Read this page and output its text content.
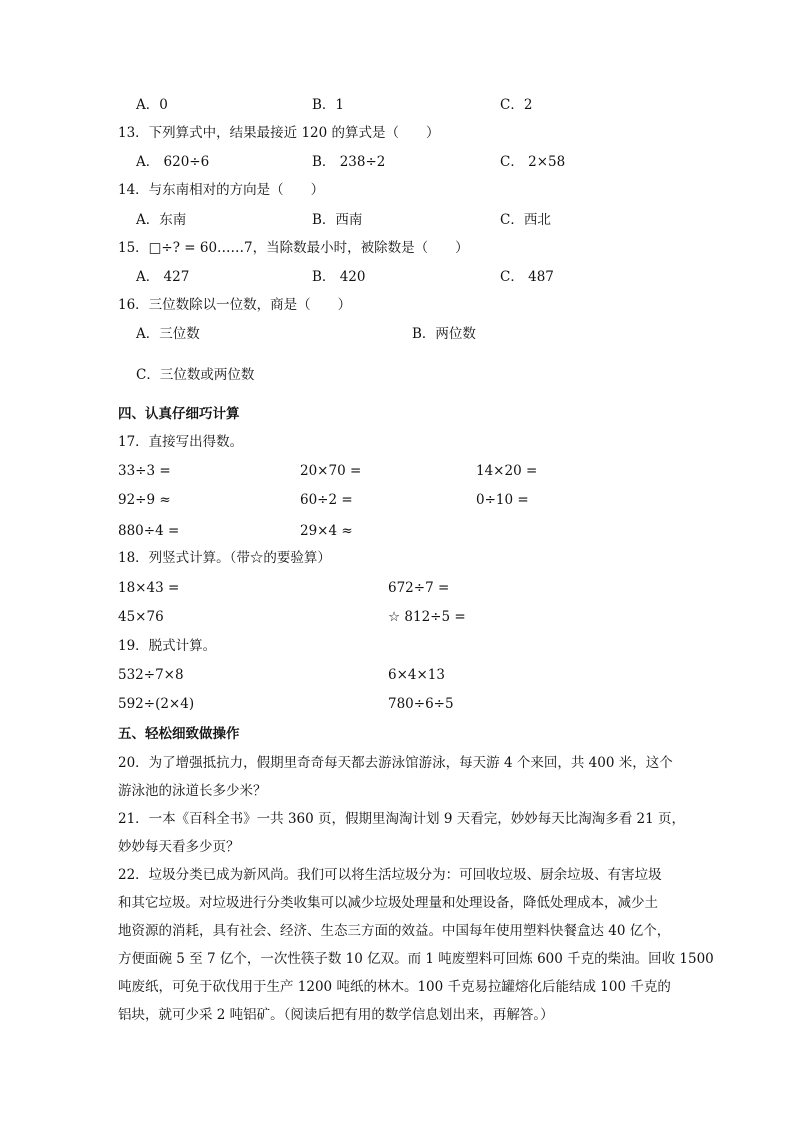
A．0	B．1	C．2
13．下列算式中，结果最接近 120 的算式是（　　）
A． 620÷6	B． 238÷2	C． 2×58
14．与东南相对的方向是（　　）
A．东南	B．西南	C．西北
15．□÷? = 60……7，当除数最小时，被除数是（　　）
A． 427	B． 420	C． 487
16．三位数除以一位数，商是（　　）
A．三位数	B．两位数
C．三位数或两位数
四、认真仔细巧计算
17．直接写出得数。
33÷3 =	20×70 =	14×20 =
92÷9 ≈	60÷2 =	0÷10 =
880÷4 =	29×4 ≈
18．列竖式计算。（带☆的要验算）
18×43 =	672÷7 =
45×76	☆ 812÷5 =
19．脱式计算。
532÷7×8	6×4×13
592÷(2×4)	780÷6÷5
五、轻松细致做操作
20．为了增强抵抗力，假期里奇奇每天都去游泳馆游泳，每天游 4 个来回，共 400 米，这个
游泳池的泳道长多少米？
21．一本《百科全书》一共 360 页，假期里淘淘计划 9 天看完，妙妙每天比淘淘多看 21 页，
妙妙每天看多少页？
22．垃圾分类已成为新风尚。我们可以将生活垃圾分为：可回收垃圾、厨余垃圾、有害垃圾
和其它垃圾。对垃圾进行分类收集可以减少垃圾处理量和处理设备，降低处理成本，减少土
地资源的消耗，具有社会、经济、生态三方面的效益。中国每年使用塑料快餐盒达 40 亿个，
方便面碗 5 至 7 亿个，一次性筷子数 10 亿双。而 1 吨废塑料可回炼 600 千克的柴油。回收 1500
吨废纸，可免于砍伐用于生产 1200 吨纸的林木。100 千克易拉罐熔化后能结成 100 千克的
铝块，就可少采 2 吨铝矿。（阅读后把有用的数学信息划出来，再解答。）
